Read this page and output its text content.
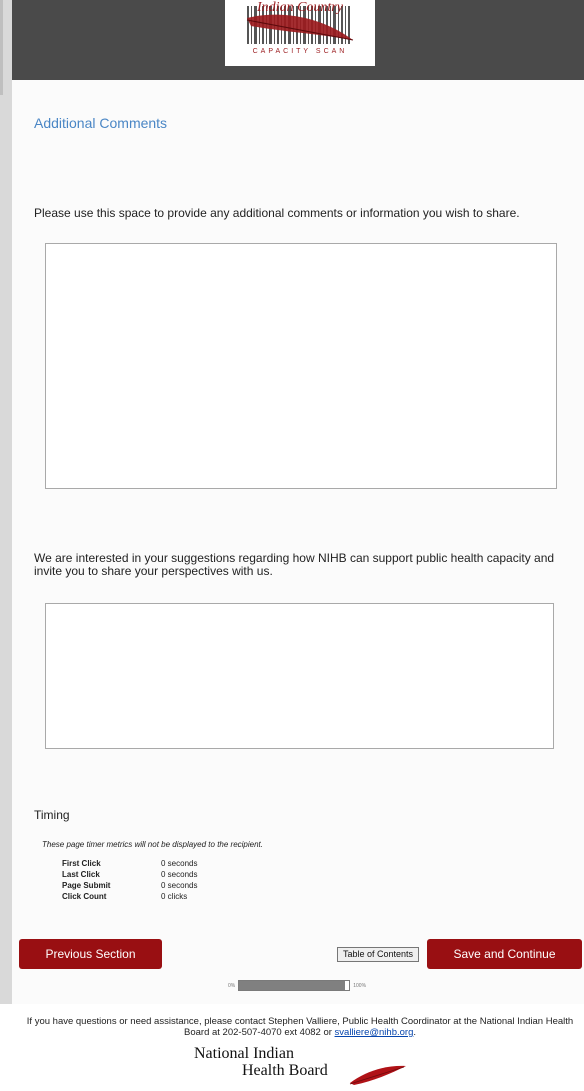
Indian Country
CAPACITY SCAN
Additional Comments
Please use this space to provide any additional comments or information you wish to share.
We are interested in your suggestions regarding how NIHB can support public health capacity and invite you to share your perspectives with us.
Timing
These page timer metrics will not be displayed to the recipient.
First Click	0 seconds
Last Click	0 seconds
Page Submit	0 seconds
Click Count	0 clicks
Previous Section	Table of Contents	Save and Continue
0%	100%
If you have questions or need assistance, please contact Stephen Valliere, Public Health Coordinator at the National Indian Health Board at 202-507-4070 ext 4082 or svalliere@nihb.org.
National Indian
Health Board
